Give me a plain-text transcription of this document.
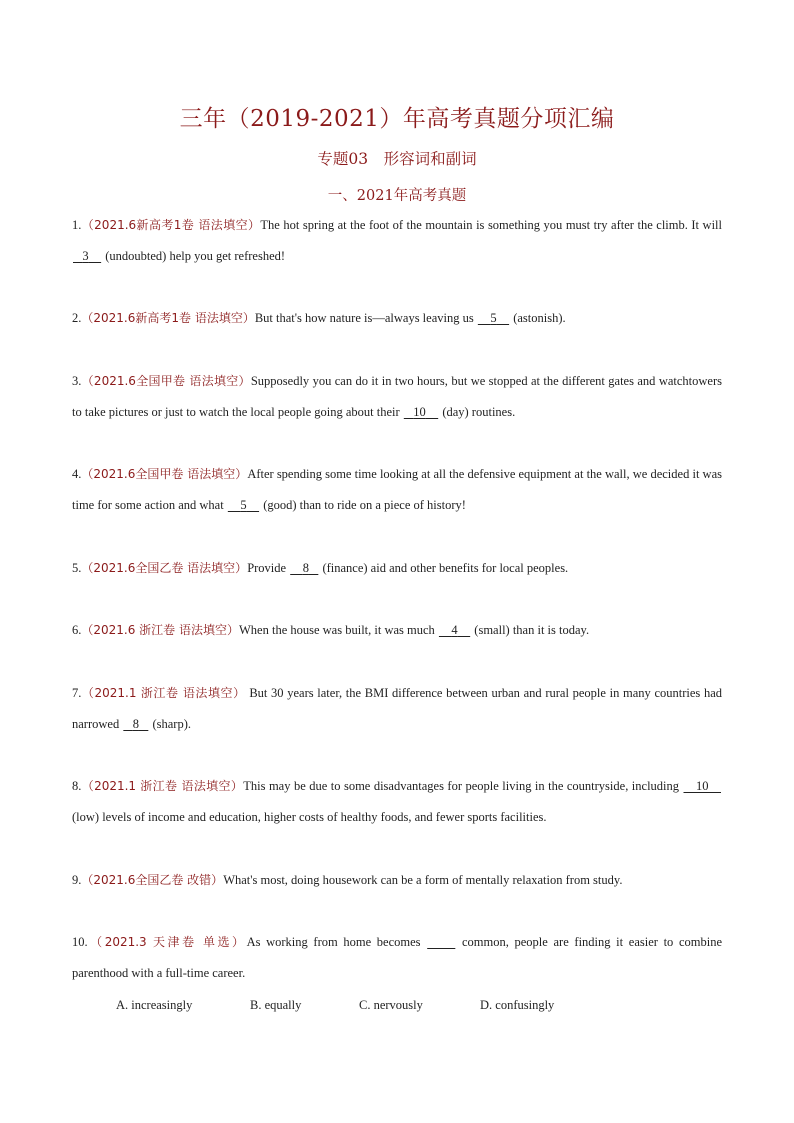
三年（2019-2021）年高考真题分项汇编
专题03　形容词和副词
一、2021年高考真题
1.（2021.6新高考1卷 语法填空）The hot spring at the foot of the mountain is something you must try after the climb. It will    3     (undoubted) help you get refreshed!
2.（2021.6新高考1卷 语法填空）But that's how nature is—always leaving us     5     (astonish).
3.（2021.6全国甲卷 语法填空）Supposedly you can do it in two hours, but we stopped at the different gates and watchtowers to take pictures or just to watch the local people going about their    10     (day) routines.
4.（2021.6全国甲卷 语法填空）After spending some time looking at all the defensive equipment at the wall, we decided it was time for some action and what     5     (good) than to ride on a piece of history!
5.（2021.6全国乙卷 语法填空）Provide     8    (finance) aid and other benefits for local peoples.
6.（2021.6 浙江卷 语法填空）When the house was built, it was much     4     (small) than it is today.
7.（2021.1 浙江卷 语法填空） But 30 years later, the BMI difference between urban and rural people in many countries had narrowed    8    (sharp).
8.（2021.1 浙江卷 语法填空）This may be due to some disadvantages for people living in the countryside, including     10     (low) levels of income and education, higher costs of healthy foods, and fewer sports facilities.
9.（2021.6全国乙卷 改错）What's most, doing housework can be a form of mentally relaxation from study.
10.（2021.3 天津卷 单选）As working from home becomes           common, people are finding it easier to combine parenthood with a full-time career.
A. increasingly	B. equally	C. nervously	D. confusingly
